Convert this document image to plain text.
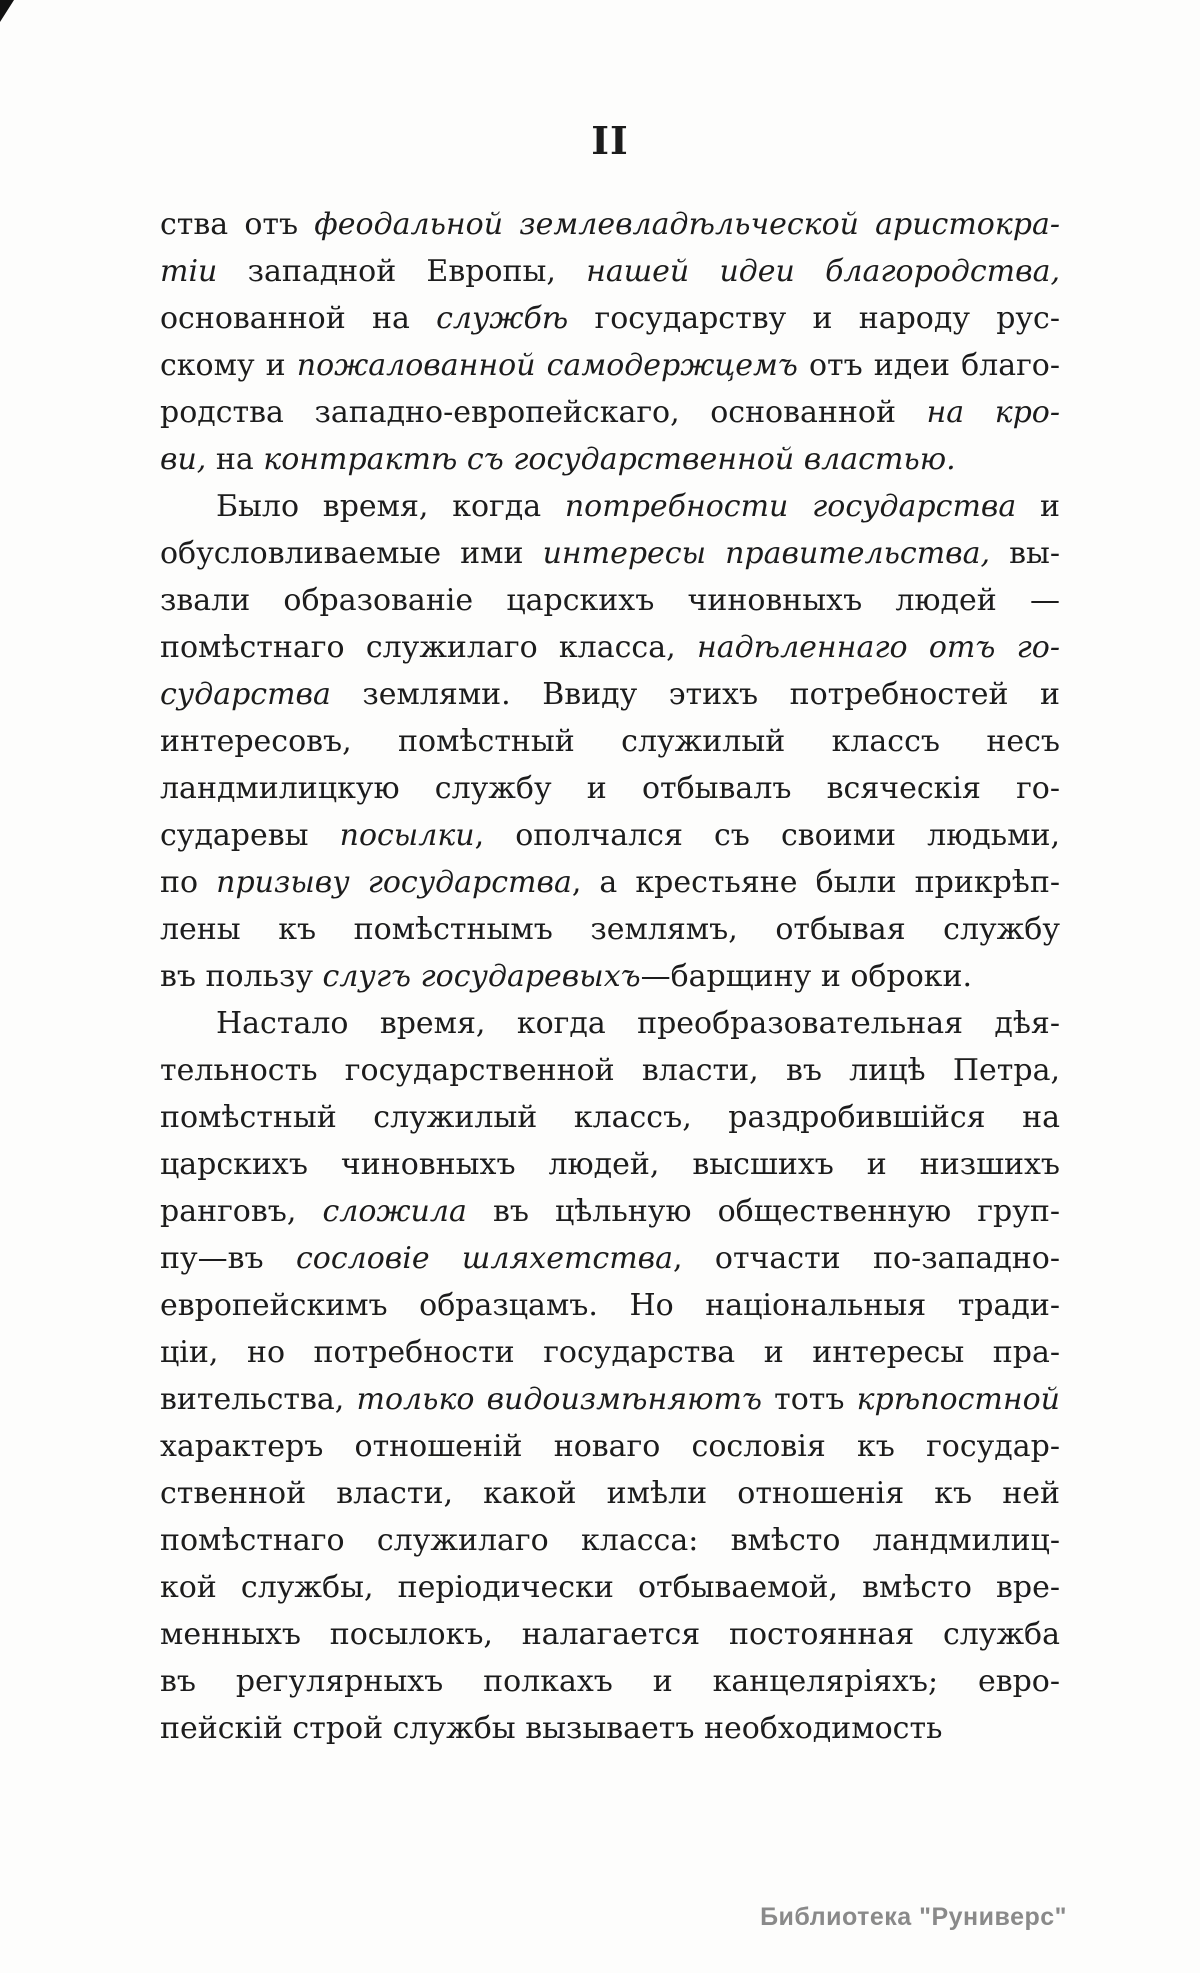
II
ства отъ феодальной землевладѣльческой аристокра-
тіи западной Европы, нашей идеи благородства,
основанной на службѣ государству и народу рус-
скому и пожалованной самодержцемъ отъ идеи благо-
родства западно-европейскаго, основанной на кро-
ви, на контрактѣ съ государственной властью.
Было время, когда потребности государства и
обусловливаемые ими интересы правительства, вы-
звали образованіе царскихъ чиновныхъ людей —
помѣстнаго служилаго класса, надѣленнаго отъ го-
сударства землями. Ввиду этихъ потребностей и
интересовъ, помѣстный служилый классъ несъ
ландмилицкую службу и отбывалъ всяческія го-
сударевы посылки, ополчался съ своими людьми,
по призыву государства, а крестьяне были прикрѣп-
лены къ помѣстнымъ землямъ, отбывая службу
въ пользу слугъ государевыхъ—барщину и оброки.
Настало время, когда преобразовательная дѣя-
тельность государственной власти, въ лицѣ Петра,
помѣстный служилый классъ, раздробившійся на
царскихъ чиновныхъ людей, высшихъ и низшихъ
ранговъ, сложила въ цѣльную общественную груп-
пу—въ сословіе шляхетства, отчасти по-западно-
европейскимъ образцамъ. Но національныя тради-
ціи, но потребности государства и интересы пра-
вительства, только видоизмѣняютъ тотъ крѣпостной
характеръ отношеній новаго сословія къ государ-
ственной власти, какой имѣли отношенія къ ней
помѣстнаго служилаго класса: вмѣсто ландмилиц-
кой службы, періодически отбываемой, вмѣсто вре-
менныхъ посылокъ, налагается постоянная служба
въ регулярныхъ полкахъ и канцеляріяхъ; евро-
пейскій строй службы вызываетъ необходимость
Библиотека "Руниверс"
